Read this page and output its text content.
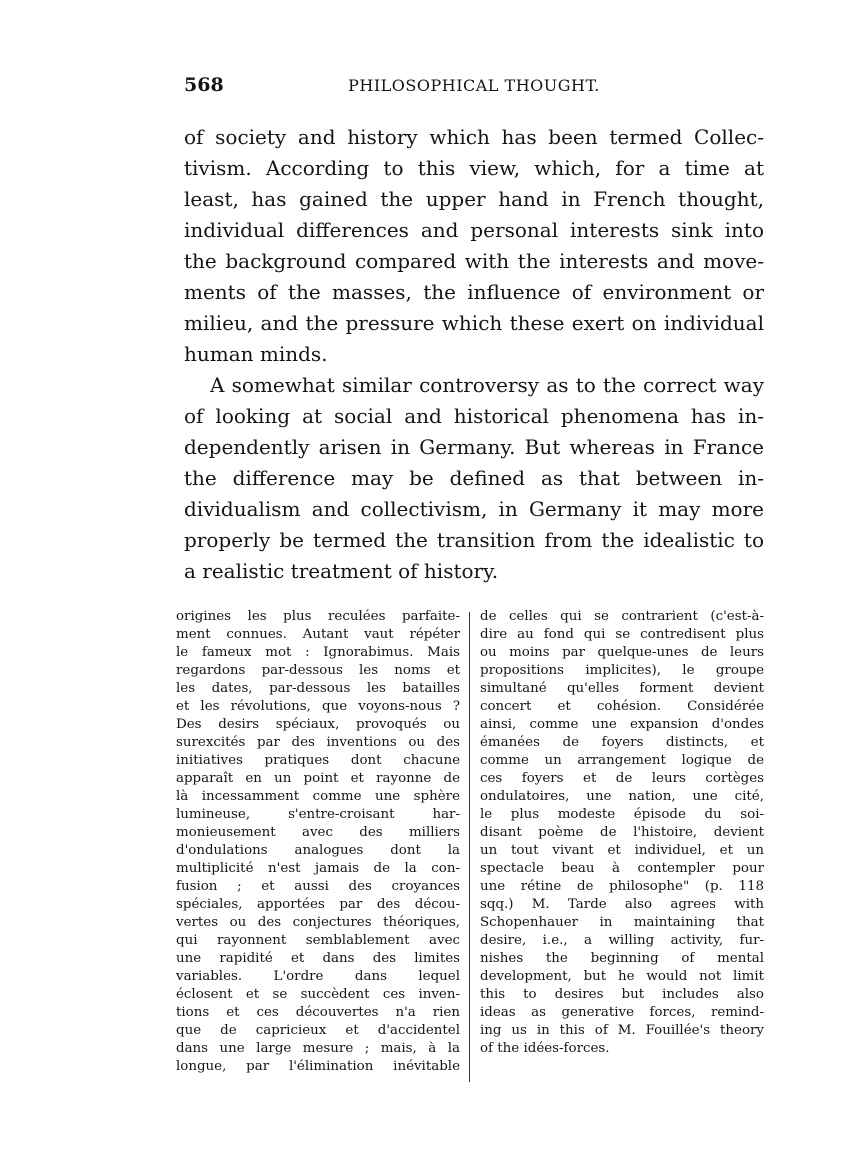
568	PHILOSOPHICAL THOUGHT.
of society and history which has been termed Collec-
tivism. According to this view, which, for a time at
least, has gained the upper hand in French thought,
individual differences and personal interests sink into
the background compared with the interests and move-
ments of the masses, the influence of environment or
milieu, and the pressure which these exert on individual
human minds.
A somewhat similar controversy as to the correct way
of looking at social and historical phenomena has in-
dependently arisen in Germany. But whereas in France
the difference may be defined as that between in-
dividualism and collectivism, in Germany it may more
properly be termed the transition from the idealistic to
a realistic treatment of history.
origines les plus reculées parfaite-
ment connues. Autant vaut répéter
le fameux mot : Ignorabimus. Mais
regardons par-dessous les noms et
les dates, par-dessous les batailles
et les révolutions, que voyons-nous ?
Des desirs spéciaux, provoqués ou
surexcités par des inventions ou des
initiatives pratiques dont chacune
apparaît en un point et rayonne de
là incessamment comme une sphère
lumineuse, s'entre-croisant har-
monieusement avec des milliers
d'ondulations analogues dont la
multiplicité n'est jamais de la con-
fusion ; et aussi des croyances
spéciales, apportées par des décou-
vertes ou des conjectures théoriques,
qui rayonnent semblablement avec
une rapidité et dans des limites
variables. L'ordre dans lequel
éclosent et se succèdent ces inven-
tions et ces découvertes n'a rien
que de capricieux et d'accidentel
dans une large mesure ; mais, à la
longue, par l'élimination inévitable
de celles qui se contrarient (c'est-à-
dire au fond qui se contredisent plus
ou moins par quelque-unes de leurs
propositions implicites), le groupe
simultané qu'elles forment devient
concert et cohésion. Considérée
ainsi, comme une expansion d'ondes
émanées de foyers distincts, et
comme un arrangement logique de
ces foyers et de leurs cortèges
ondulatoires, une nation, une cité,
le plus modeste épisode du soi-
disant poème de l'histoire, devient
un tout vivant et individuel, et un
spectacle beau à contempler pour
une rétine de philosophe" (p. 118
sqq.) M. Tarde also agrees with
Schopenhauer in maintaining that
desire, i.e., a willing activity, fur-
nishes the beginning of mental
development, but he would not limit
this to desires but includes also
ideas as generative forces, remind-
ing us in this of M. Fouillée's theory
of the idées-forces.
